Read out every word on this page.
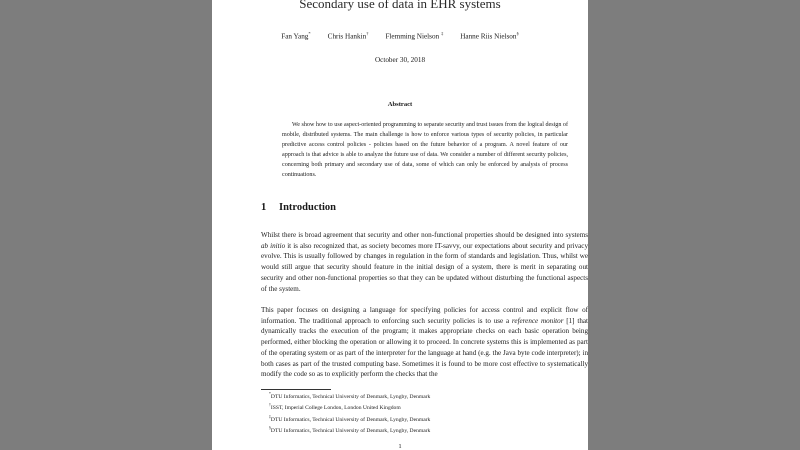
Secondary use of data in EHR systems
Fan Yang* Chris Hankin† Flemming Nielson ‡ Hanne Riis Nielson§
October 30, 2018
Abstract
We show how to use aspect-oriented programming to separate security and trust issues from the logical design of mobile, distributed systems. The main challenge is how to enforce various types of security policies, in particular predictive access control policies - policies based on the future behavior of a program. A novel feature of our approach is that advice is able to analyze the future use of data. We consider a number of different security policies, concerning both primary and secondary use of data, some of which can only be enforced by analysis of process continuations.
1 Introduction
Whilst there is broad agreement that security and other non-functional properties should be designed into systems ab initio it is also recognized that, as society becomes more IT-savvy, our expectations about security and privacy evolve. This is usually followed by changes in regulation in the form of standards and legislation. Thus, whilst we would still argue that security should feature in the initial design of a system, there is merit in separating out security and other non-functional properties so that they can be updated without disturbing the functional aspects of the system.
This paper focuses on designing a language for specifying policies for access control and explicit flow of information. The traditional approach to enforcing such security policies is to use a reference monitor [1] that dynamically tracks the execution of the program; it makes appropriate checks on each basic operation being performed, either blocking the operation or allowing it to proceed. In concrete systems this is implemented as part of the operating system or as part of the interpreter for the language at hand (e.g. the Java byte code interpreter); in both cases as part of the trusted computing base. Sometimes it is found to be more cost effective to systematically modify the code so as to explicitly perform the checks that the
*DTU Informatics, Technical University of Denmark, Lyngby, Denmark
†ISST, Imperial College London, London United Kingdom
‡DTU Informatics, Technical University of Denmark, Lyngby, Denmark
§DTU Informatics, Technical University of Denmark, Lyngby, Denmark
1
